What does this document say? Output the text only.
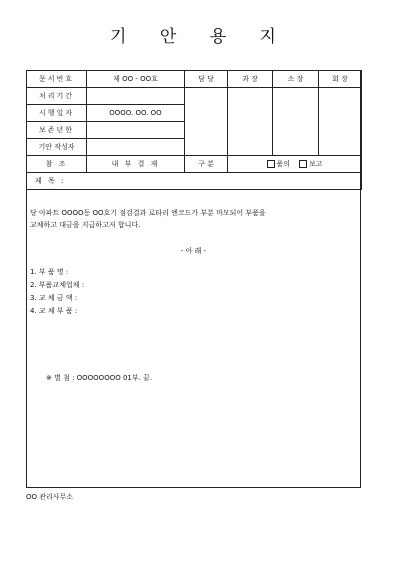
기 안 용 지
문서번호	제 OO - OO호	담 당	과 장	소 장	회 장
처리기간					
시행일자	OOOO. OO. OO				
보존년한					
기안 작성자					
참 조	내 부 결 재	구 분	품의 보고		
제 목 :					
당 아파트 OOOO동 OO호기 점검결과 로타리 엔코드가 부분 마모되어 부품을
교체하고 대금을 지급하고저 합니다.
- 아 래 -
1. 부 품 명 :
2. 부품교체업체 :
3. 교 체 금 액 :
4. 교 체 부 품 :
※ 별 첨 : OOOOOOOO 01부. 끝.
OO 관리사무소
